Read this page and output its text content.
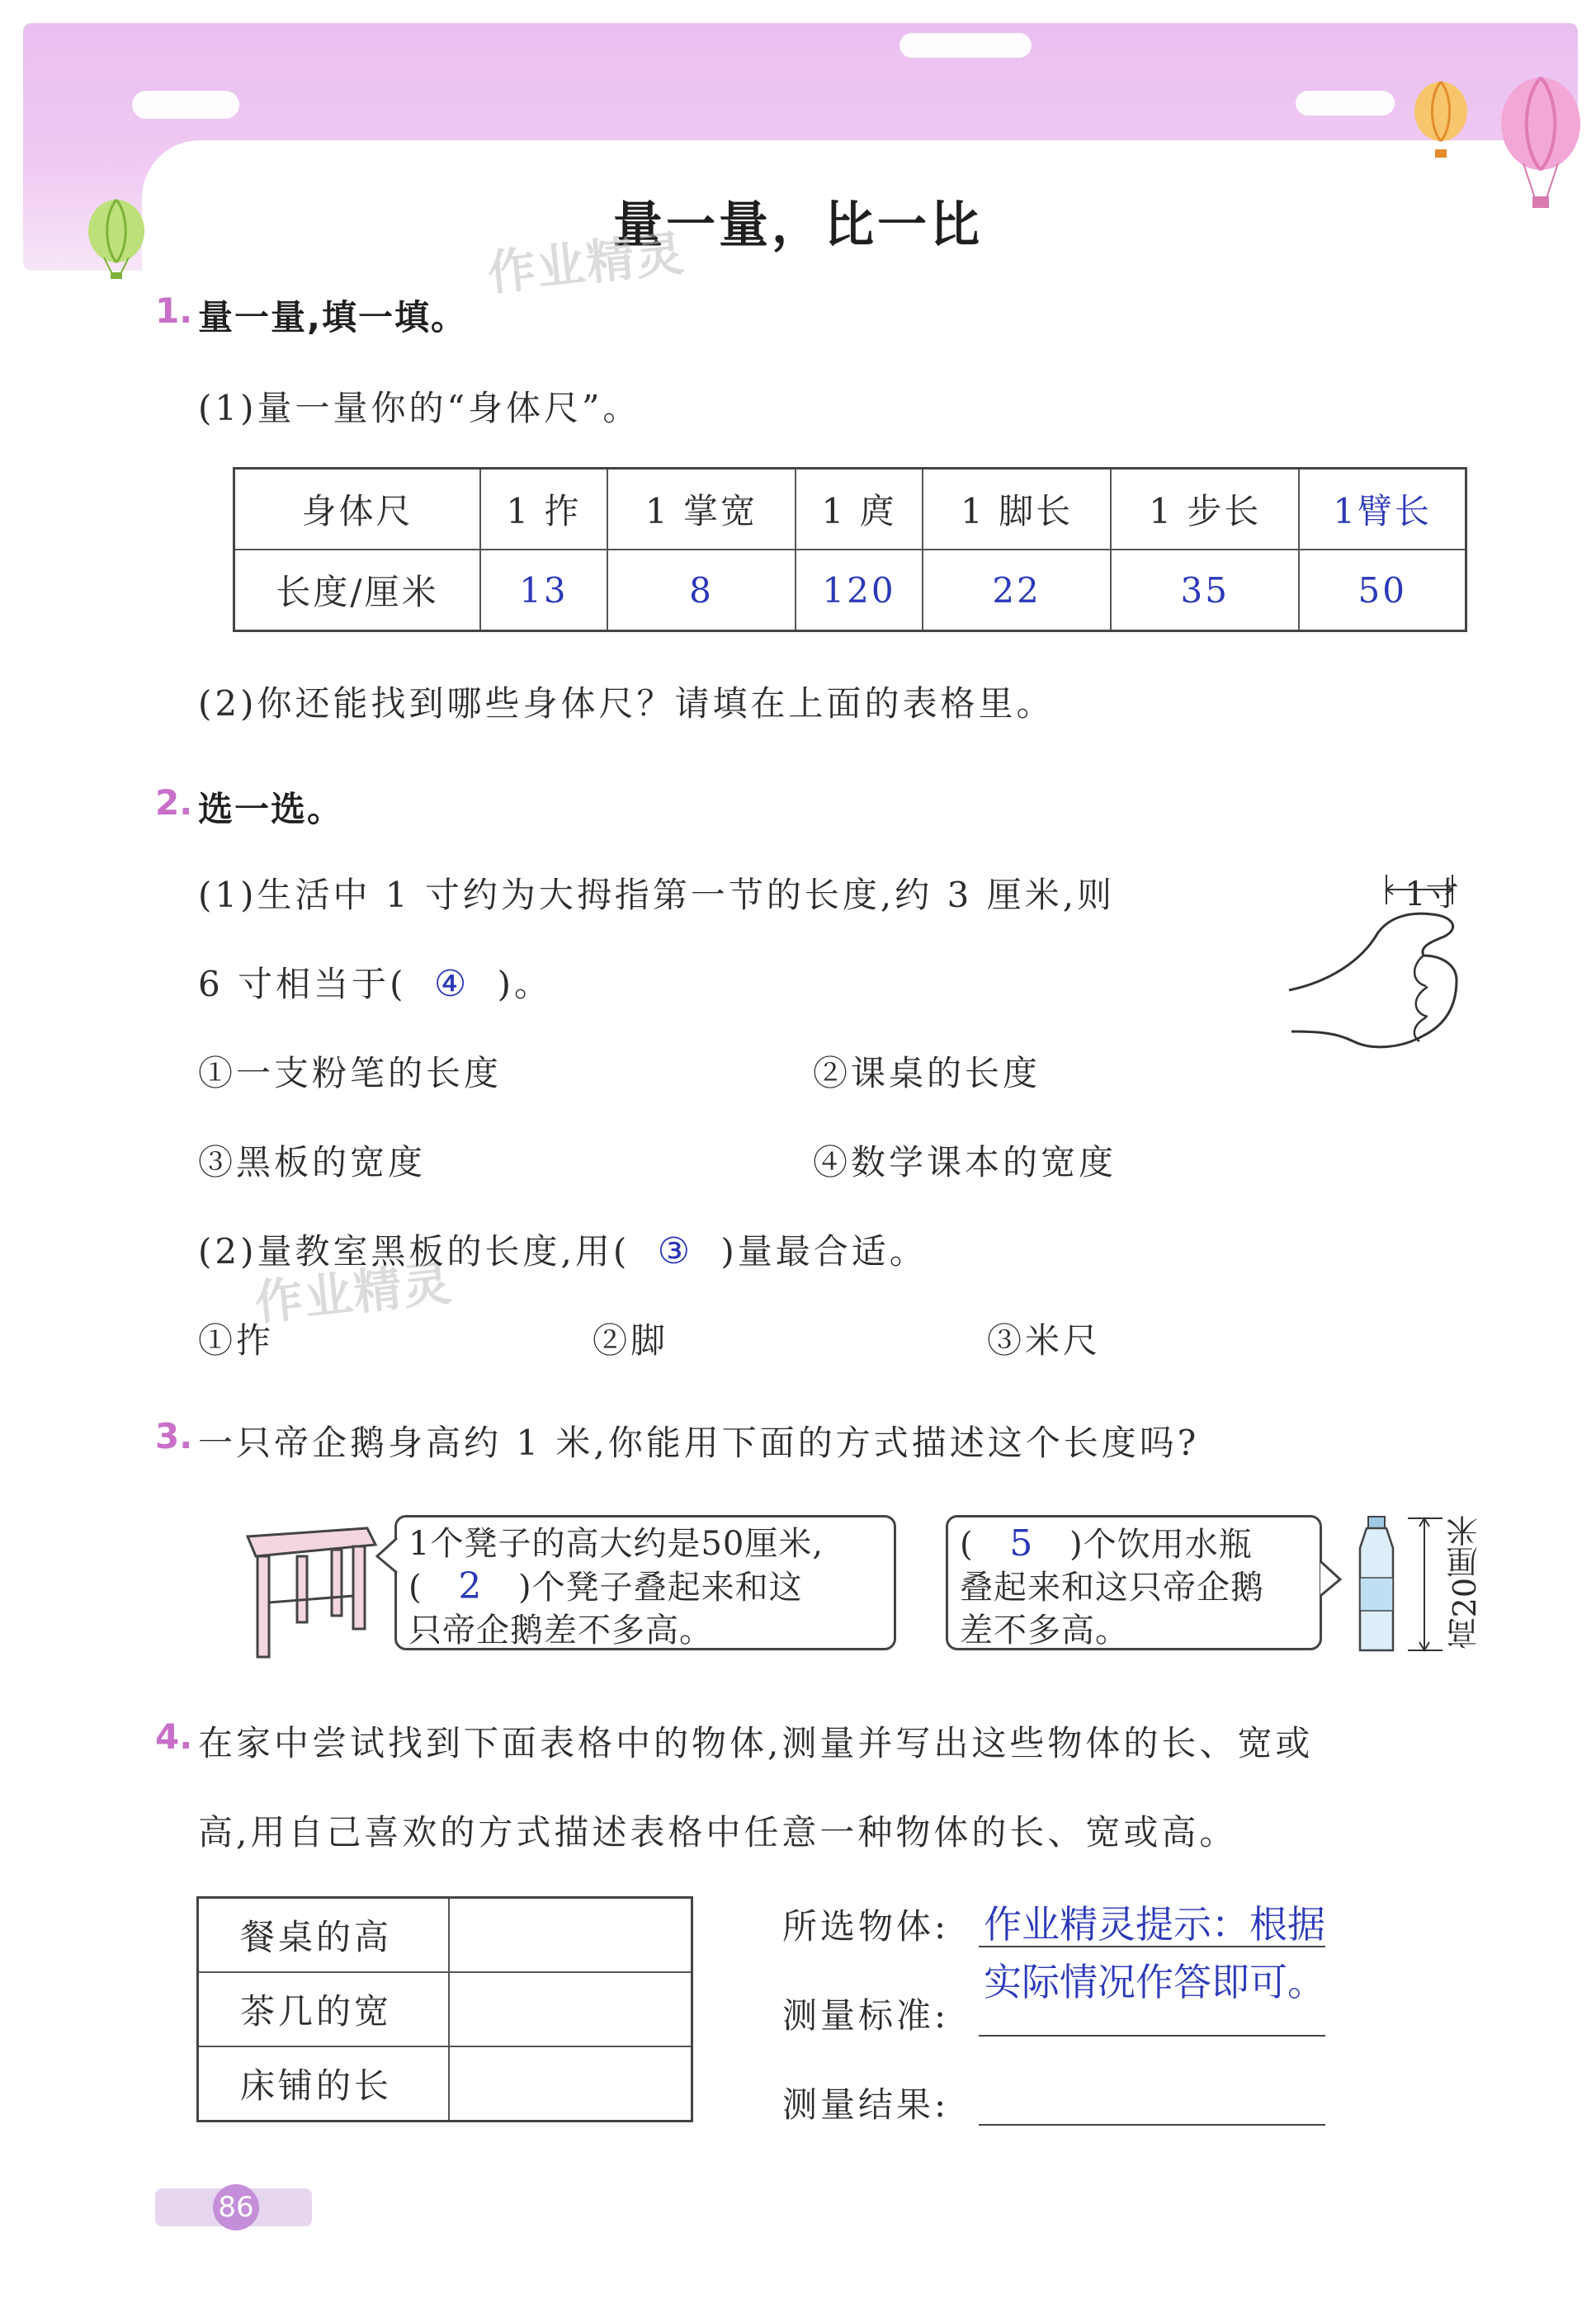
量一量，比一比
作业精灵
作业精灵
1. 量一量,填一填。
(1)量一量你的“身体尺”。
身体尺	1 拃	1 掌宽	1 庹	1 脚长	1 步长	1臂长
长度/厘米	13	8	120	22	35	50
(2)你还能找到哪些身体尺？请填在上面的表格里。
2. 选一选。
(1)生活中 1 寸约为大拇指第一节的长度,约 3 厘米,则
6 寸相当于( ④ )。
①一支粉笔的长度	②课桌的长度
③黑板的宽度	④数学课本的宽度
1寸
(2)量教室黑板的长度,用( ③ )量最合适。
①拃	②脚	③米尺
3. 一只帝企鹅身高约 1 米,你能用下面的方式描述这个长度吗?
1个凳子的高大约是50厘米,
( 2 )个凳子叠起来和这
只帝企鹅差不多高。
( 5 )个饮用水瓶
叠起来和这只帝企鹅
差不多高。	高20厘米
4. 在家中尝试找到下面表格中的物体,测量并写出这些物体的长、宽或
高,用自己喜欢的方式描述表格中任意一种物体的长、宽或高。
餐桌的高	
茶几的宽	
床铺的长	
所选物体:
测量标准:
测量结果:
作业精灵提示：根据
实际情况作答即可。
86
